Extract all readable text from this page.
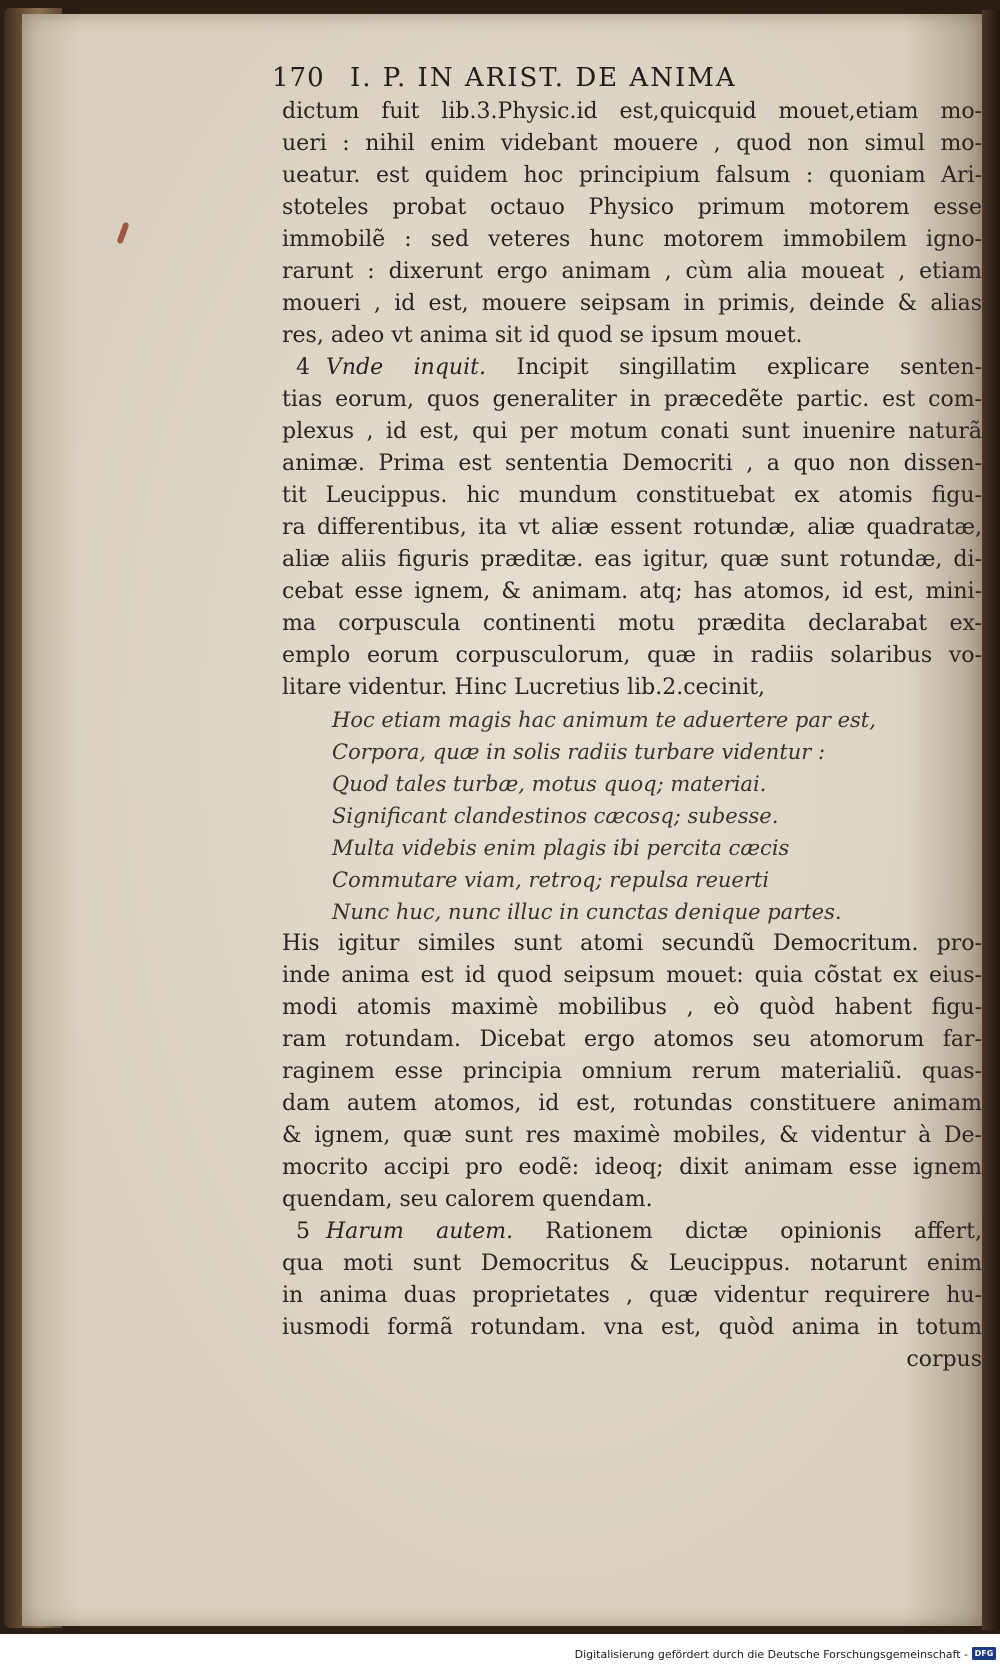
170 I. P. IN ARIST. DE ANIMA
dictum fuit lib.3.Physic.id est,quicquid mouet,etiam mo-
ueri : nihil enim videbant mouere , quod non simul mo-
ueatur. est quidem hoc principium falsum : quoniam Ari-
stoteles probat octauo Physico primum motorem esse
immobilẽ : sed veteres hunc motorem immobilem igno-
rarunt : dixerunt ergo animam , cùm alia moueat , etiam
moueri , id est, mouere seipsam in primis, deinde & alias
res, adeo vt anima sit id quod se ipsum mouet.
4 Vnde inquit. Incipit singillatim explicare senten-
tias eorum, quos generaliter in præcedẽte partic. est com-
plexus , id est, qui per motum conati sunt inuenire naturã
animæ. Prima est sententia Democriti , a quo non dissen-
tit Leucippus. hic mundum constituebat ex atomis figu-
ra differentibus, ita vt aliæ essent rotundæ, aliæ quadratæ,
aliæ aliis figuris præditæ. eas igitur, quæ sunt rotundæ, di-
cebat esse ignem, & animam. atq; has atomos, id est, mini-
ma corpuscula continenti motu prædita declarabat ex-
emplo eorum corpusculorum, quæ in radiis solaribus vo-
litare videntur. Hinc Lucretius lib.2.cecinit,
Hoc etiam magis hac animum te aduertere par est,
Corpora, quæ in solis radiis turbare videntur :
Quod tales turbæ, motus quoq; materiai.
Significant clandestinos cæcosq; subesse.
Multa videbis enim plagis ibi percita cæcis
Commutare viam, retroq; repulsa reuerti
Nunc huc, nunc illuc in cunctas denique partes.
His igitur similes sunt atomi secundũ Democritum. pro-
inde anima est id quod seipsum mouet: quia cõstat ex eius-
modi atomis maximè mobilibus , eò quòd habent figu-
ram rotundam. Dicebat ergo atomos seu atomorum far-
raginem esse principia omnium rerum materialiũ. quas-
dam autem atomos, id est, rotundas constituere animam
& ignem, quæ sunt res maximè mobiles, & videntur à De-
mocrito accipi pro eodẽ: ideoq; dixit animam esse ignem
quendam, seu calorem quendam.
5 Harum autem. Rationem dictæ opinionis affert,
qua moti sunt Democritus & Leucippus. notarunt enim
in anima duas proprietates , quæ videntur requirere hu-
iusmodi formã rotundam. vna est, quòd anima in totum
corpus
Digitalisierung gefördert durch die Deutsche Forschungsgemeinschaft - DFG
